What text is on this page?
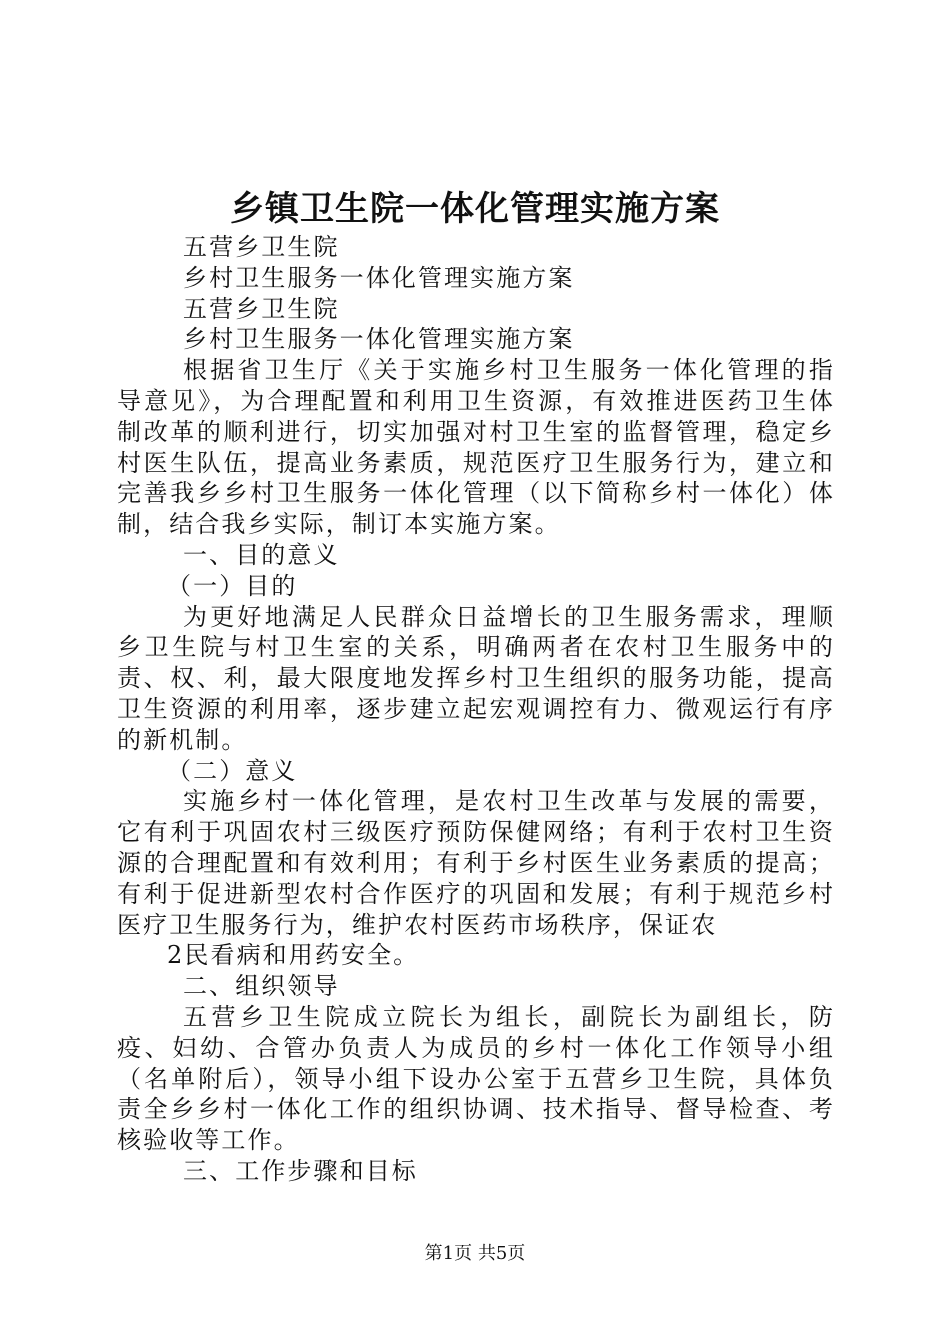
乡镇卫生院一体化管理实施方案

五营乡卫生院

乡村卫生服务一体化管理实施方案

五营乡卫生院

乡村卫生服务一体化管理实施方案

根据省卫生厅《关于实施乡村卫生服务一体化管理的指导意见》，为合理配置和利用卫生资源，有效推进医药卫生体制改革的顺利进行，切实加强对村卫生室的监督管理，稳定乡村医生队伍，提高业务素质，规范医疗卫生服务行为，建立和完善我乡乡村卫生服务一体化管理（以下简称乡村一体化）体制，结合我乡实际，制订本实施方案。

一、目的意义

（一）目的

为更好地满足人民群众日益增长的卫生服务需求，理顺乡卫生院与村卫生室的关系，明确两者在农村卫生服务中的责、权、利，最大限度地发挥乡村卫生组织的服务功能，提高卫生资源的利用率，逐步建立起宏观调控有力、微观运行有序的新机制。

（二）意义

实施乡村一体化管理，是农村卫生改革与发展的需要，它有利于巩固农村三级医疗预防保健网络；有利于农村卫生资源的合理配置和有效利用；有利于乡村医生业务素质的提高；有利于促进新型农村合作医疗的巩固和发展；有利于规范乡村医疗卫生服务行为，维护农村医药市场秩序，保证农

2民看病和用药安全。

二、组织领导

五营乡卫生院成立院长为组长，副院长为副组长，防疫、妇幼、合管办负责人为成员的乡村一体化工作领导小组（名单附后），领导小组下设办公室于五营乡卫生院，具体负责全乡乡村一体化工作的组织协调、技术指导、督导检查、考核验收等工作。

三、工作步骤和目标

第1页 共5页
